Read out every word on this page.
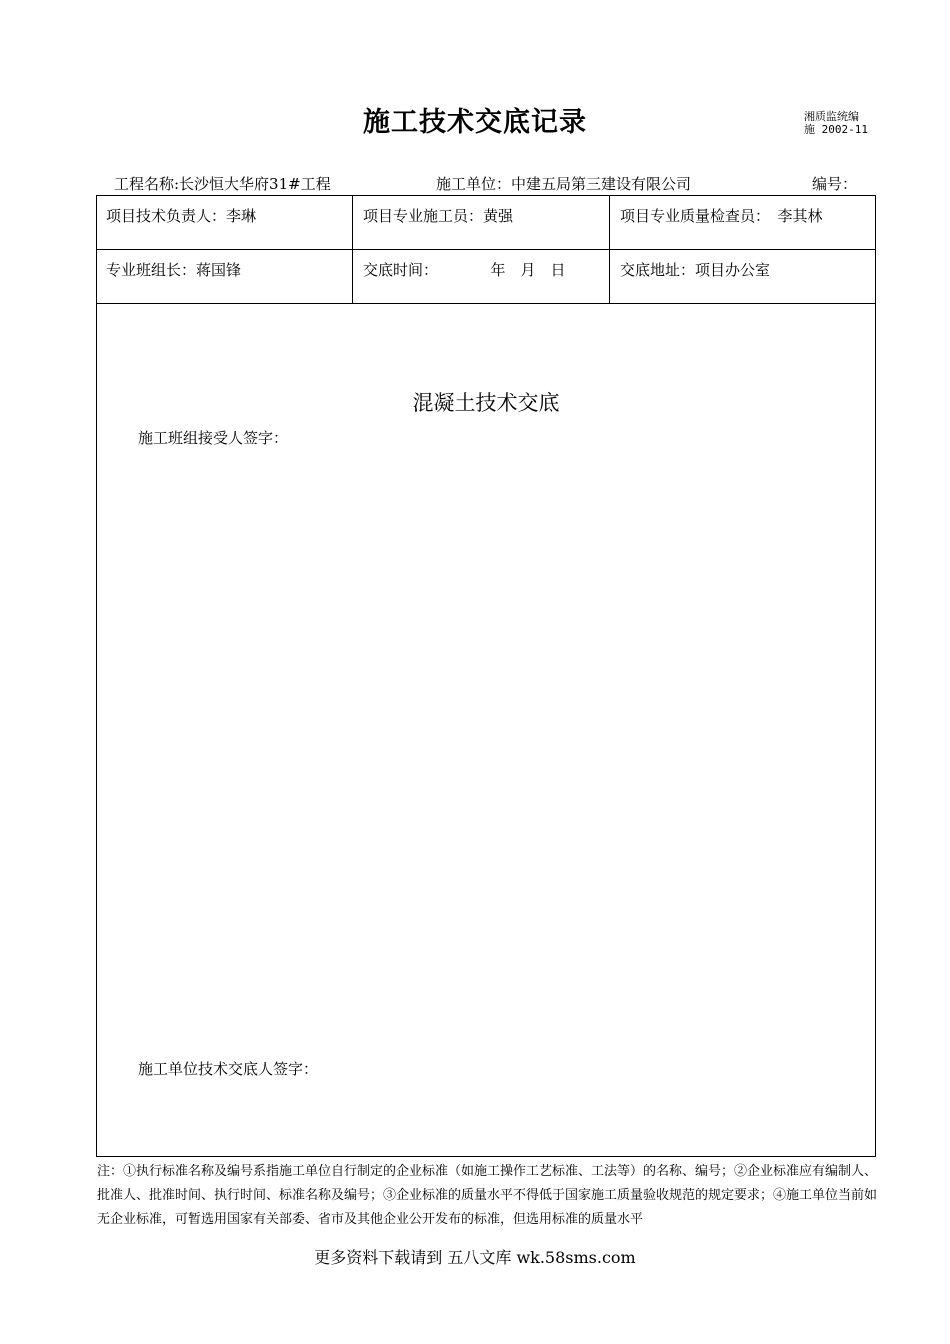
施工技术交底记录	湘质监统编
施 2002-11
工程名称:长沙恒大华府31#工程	施工单位：中建五局第三建设有限公司	编号：
项目技术负责人：李琳	项目专业施工员：黄强	项目专业质量检查员：　李其林
专业班组长：蒋国锋	交底时间：　　　　年　月　日	交底地址：项目办公室
混凝土技术交底
施工班组接受人签字：
施工单位技术交底人签字：
注：①执行标准名称及编号系指施工单位自行制定的企业标准（如施工操作工艺标准、工法等）的名称、编号；②企业标准应有编制人、批准人、批准时间、执行时间、标准名称及编号；③企业标准的质量水平不得低于国家施工质量验收规范的规定要求；④施工单位当前如无企业标准，可暂选用国家有关部委、省市及其他企业公开发布的标准，但选用标准的质量水平
更多资料下载请到 五八文库 wk.58sms.com
